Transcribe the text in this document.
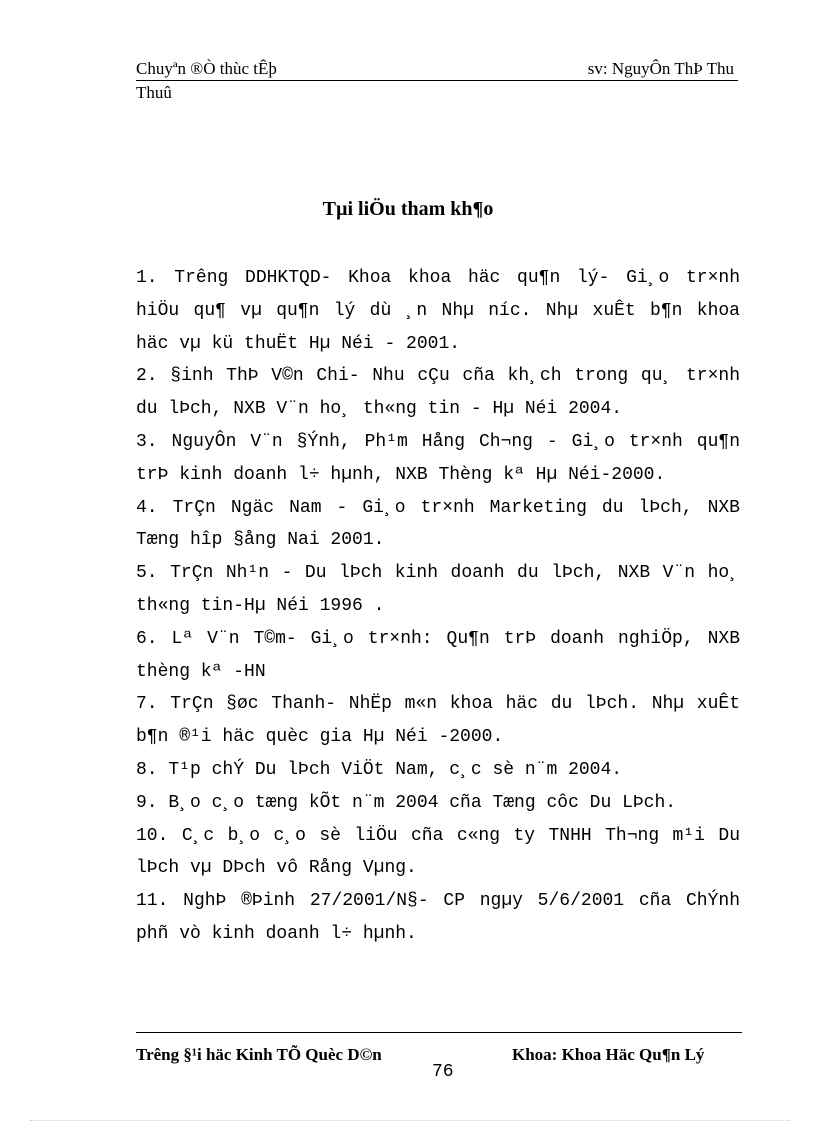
Chuyªn ®Ò thùc tÊþ	sv: NguyÔn ThÞ Thu
Thuû
Tµi liÖu tham kh¶o
1. Trêng DDHKTQD- Khoa khoa häc qu¶n lý- Gi¸o tr×nh hiÖu qu¶ vµ qu¶n lý dù ¸n Nhµ níc. Nhµ xuÊt b¶n khoa häc vµ kü thuËt Hµ Néi - 2001.
2. §inh ThÞ V©n Chi- Nhu cÇu cña kh¸ch trong qu¸ tr×nh du lÞch, NXB V¨n ho¸ th«ng tin - Hµ Néi 2004.
3. NguyÔn V¨n §Ýnh, Ph¹m Hång Ch¬ng - Gi¸o tr×nh qu¶n trÞ kinh doanh l÷ hµnh, NXB Thèng kª Hµ Néi-2000.
4. TrÇn Ngäc Nam - Gi¸o tr×nh Marketing du lÞch, NXB Tæng hîp §ång Nai 2001.
5. TrÇn Nh¹n - Du lÞch kinh doanh du lÞch, NXB V¨n ho¸ th«ng tin-Hµ Néi 1996 .
6. Lª V¨n T©m- Gi¸o tr×nh: Qu¶n trÞ doanh nghiÖp, NXB thèng kª -HN
7. TrÇn §øc Thanh- NhËp m«n khoa häc du lÞch. Nhµ xuÊt b¶n ®¹i häc quèc gia Hµ Néi -2000.
8. T¹p chÝ Du lÞch ViÖt Nam, c¸c sè n¨m 2004.
9. B¸o c¸o tæng kÕt n¨m 2004 cña Tæng côc Du LÞch.
10. C¸c b¸o c¸o sè liÖu cña c«ng ty TNHH Th¬ng m¹i Du lÞch vµ DÞch vô Rång Vµng.
11. NghÞ ®Þinh 27/2001/N§- CP ngµy 5/6/2001 cña ChÝnh phñ vò kinh doanh l÷ hµnh.
Trêng §¹i häc Kinh TÕ Quèc D©n	Khoa: Khoa Häc Qu¶n Lý
76
